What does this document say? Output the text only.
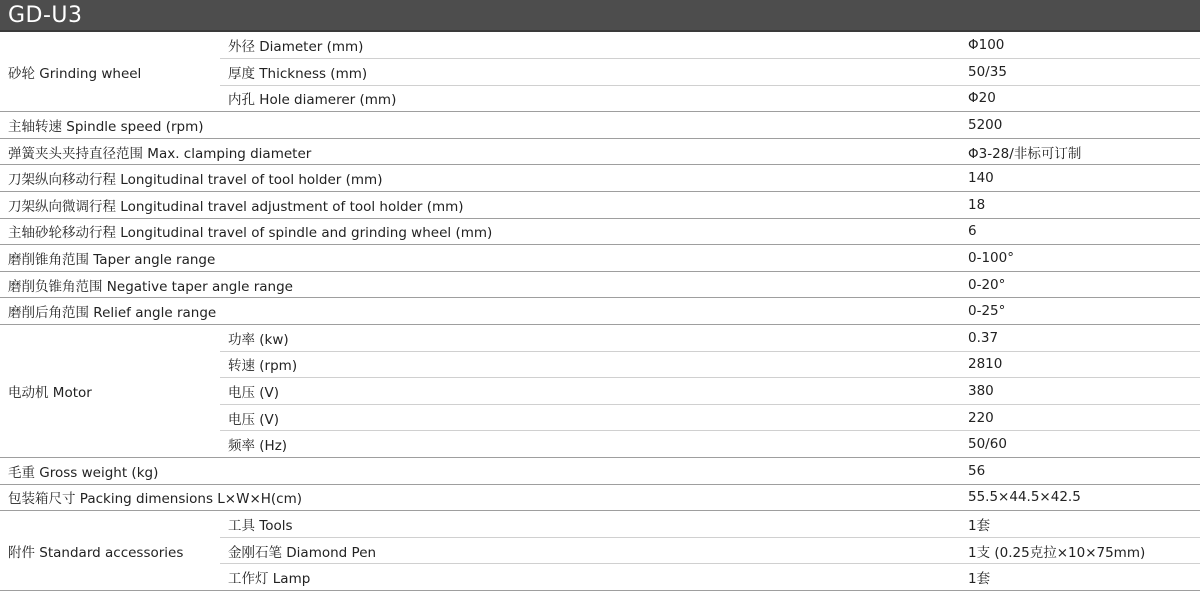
GD-U3
砂轮 Grinding wheel	外径 Diameter (mm)	Φ100
	厚度 Thickness (mm)	50/35
	内孔 Hole diamerer (mm)	Φ20
主轴转速 Spindle speed (rpm)		5200
弹簧夹头夹持直径范围 Max. clamping diameter		Φ3-28/非标可订制
刀架纵向移动行程 Longitudinal travel of tool holder (mm)		140
刀架纵向微调行程 Longitudinal travel adjustment of tool holder (mm)		18
主轴砂轮移动行程 Longitudinal travel of spindle and grinding wheel (mm)		6
磨削锥角范围 Taper angle range		0-100°
磨削负锥角范围 Negative taper angle range		0-20°
磨削后角范围 Relief angle range		0-25°
电动机 Motor	功率 (kw)	0.37
	转速 (rpm)	2810
	电压 (V)	380
	电压 (V)	220
	频率 (Hz)	50/60
毛重 Gross weight (kg)		56
包装箱尺寸 Packing dimensions L×W×H(cm)		55.5×44.5×42.5
附件 Standard accessories	工具 Tools	1套
	金刚石笔 Diamond Pen	1支 (0.25克拉×10×75mm)
	工作灯 Lamp	1套
